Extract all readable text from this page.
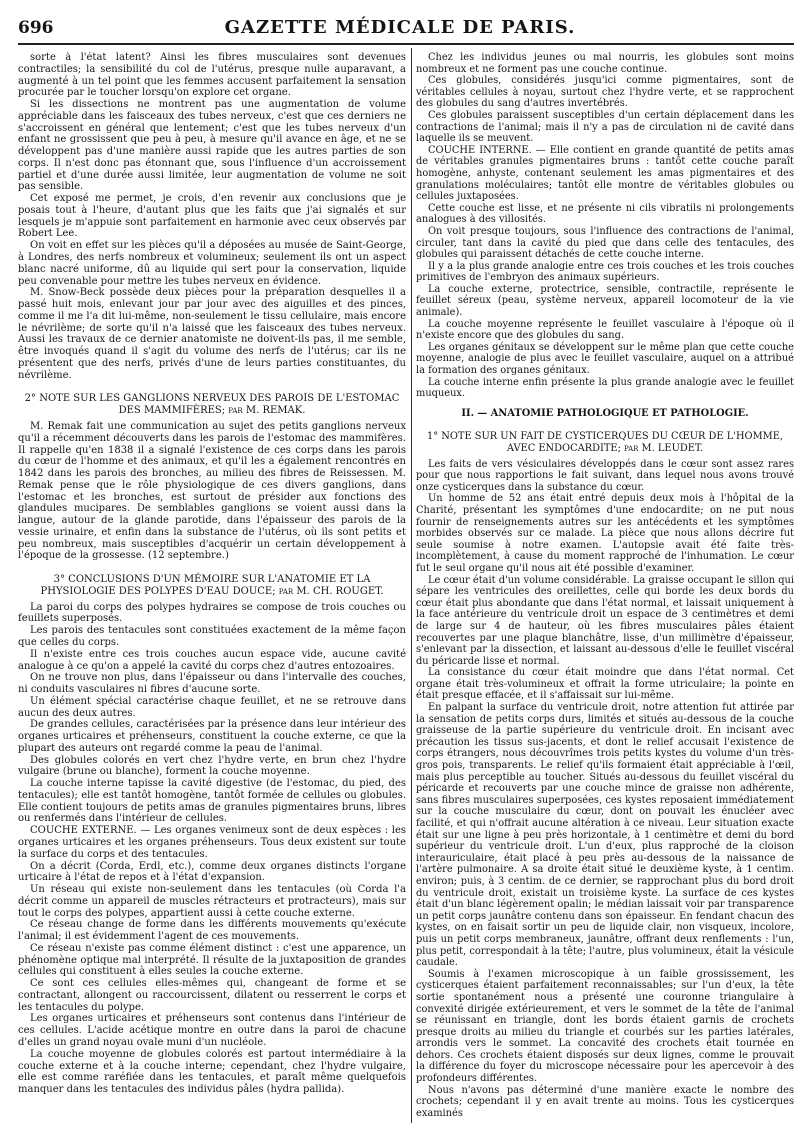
696	GAZETTE MÉDICALE DE PARIS.

sorte à l'état latent? Ainsi les fibres musculaires sont devenues contractiles; la sensibilité du col de l'utérus, presque nulle auparavant, a augmenté à un tel point que les femmes accusent parfaitement la sensation procurée par le toucher lorsqu'on explore cet organe.

Si les dissections ne montrent pas une augmentation de volume appréciable dans les faisceaux des tubes nerveux, c'est que ces derniers ne s'accroissent en général que lentement; c'est que les tubes nerveux d'un enfant ne grossissent que peu à peu, à mesure qu'il avance en âge, et ne se développent pas d'une manière aussi rapide que les autres parties de son corps. Il n'est donc pas étonnant que, sous l'influence d'un accroissement partiel et d'une durée aussi limitée, leur augmentation de volume ne soit pas sensible.

Cet exposé me permet, je crois, d'en revenir aux conclusions que je posais tout à l'heure, d'autant plus que les faits que j'ai signalés et sur lesquels je m'appuie sont parfaitement en harmonie avec ceux observés par Robert Lee.

On voit en effet sur les pièces qu'il a déposées au musée de Saint-George, à Londres, des nerfs nombreux et volumineux; seulement ils ont un aspect blanc nacré uniforme, dû au liquide qui sert pour la conservation, liquide peu convenable pour mettre les tubes nerveux en évidence.

M. Snow-Beck possède deux pièces pour la préparation desquelles il a passé huit mois, enlevant jour par jour avec des aiguilles et des pinces, comme il me l'a dit lui-même, non-seulement le tissu cellulaire, mais encore le névrilème; de sorte qu'il n'a laissé que les faisceaux des tubes nerveux. Aussi les travaux de ce dernier anatomiste ne doivent-ils pas, il me semble, être invoqués quand il s'agit du volume des nerfs de l'utérus; car ils ne présentent que des nerfs, privés d'une de leurs parties constituantes, du névrilème.

2° NOTE SUR LES GANGLIONS NERVEUX DES PAROIS DE L'ESTOMAC DES MAMMIFÈRES; par M. REMAK.

M. Remak fait une communication au sujet des petits ganglions nerveux qu'il a récemment découverts dans les parois de l'estomac des mammifères. Il rappelle qu'en 1838 il a signalé l'existence de ces corps dans les parois du cœur de l'homme et des animaux, et qu'il les a également rencontrés en 1842 dans les parois des bronches, au milieu des fibres de Reissessen. M. Remak pense que le rôle physiologique de ces divers ganglions, dans l'estomac et les bronches, est surtout de présider aux fonctions des glandules mucipares. De semblables ganglions se voient aussi dans la langue, autour de la glande parotide, dans l'épaisseur des parois de la vessie urinaire, et enfin dans la substance de l'utérus, où ils sont petits et peu nombreux, mais susceptibles d'acquérir un certain développement à l'époque de la grossesse. (12 septembre.)

3° CONCLUSIONS D'UN MÉMOIRE SUR L'ANATOMIE ET LA PHYSIOLOGIE DES POLYPES D'EAU DOUCE; par M. CH. ROUGET.

La paroi du corps des polypes hydraires se compose de trois couches ou feuillets superposés.

Les parois des tentacules sont constituées exactement de la même façon que celles du corps.

Il n'existe entre ces trois couches aucun espace vide, aucune cavité analogue à ce qu'on a appelé la cavité du corps chez d'autres entozoaires.

On ne trouve non plus, dans l'épaisseur ou dans l'intervalle des couches, ni conduits vasculaires ni fibres d'aucune sorte.

Un élément spécial caractérise chaque feuillet, et ne se retrouve dans aucun des deux autres.

De grandes cellules, caractérisées par la présence dans leur intérieur des organes urticaires et préhenseurs, constituent la couche externe, ce que la plupart des auteurs ont regardé comme la peau de l'animal.

Des globules colorés en vert chez l'hydre verte, en brun chez l'hydre vulgaire (brune ou blanche), forment la couche moyenne.

La couche interne tapisse la cavité digestive (de l'estomac, du pied, des tentacules); elle est tantôt homogène, tantôt formée de cellules ou globules. Elle contient toujours de petits amas de granules pigmentaires bruns, libres ou renfermés dans l'intérieur de cellules.

COUCHE EXTERNE. — Les organes venimeux sont de deux espèces : les organes urticaires et les organes préhenseurs. Tous deux existent sur toute la surface du corps et des tentacules.

On a décrit (Corda, Erdl, etc.), comme deux organes distincts l'organe urticaire à l'état de repos et à l'état d'expansion.

Un réseau qui existe non-seulement dans les tentacules (où Corda l'a décrit comme un appareil de muscles rétracteurs et protracteurs), mais sur tout le corps des polypes, appartient aussi à cette couche externe.

Ce réseau change de forme dans les différents mouvements qu'exécute l'animal; il est évidemment l'agent de ces mouvements.

Ce réseau n'existe pas comme élément distinct : c'est une apparence, un phénomène optique mal interprété. Il résulte de la juxtaposition de grandes cellules qui constituent à elles seules la couche externe.

Ce sont ces cellules elles-mêmes qui, changeant de forme et se contractant, allongent ou raccourcissent, dilatent ou resserrent le corps et les tentacules du polype.

Les organes urticaires et préhenseurs sont contenus dans l'intérieur de ces cellules. L'acide acétique montre en outre dans la paroi de chacune d'elles un grand noyau ovale muni d'un nucléole.

La couche moyenne de globules colorés est partout intermédiaire à la couche externe et à la couche interne; cependant, chez l'hydre vulgaire, elle est comme raréfiée dans les tentacules, et paraît même quelquefois manquer dans les tentacules des individus pâles (hydra pallida).

Chez les individus jeunes ou mal nourris, les globules sont moins nombreux et ne forment pas une couche continue.

Ces globules, considérés jusqu'ici comme pigmentaires, sont de véritables cellules à noyau, surtout chez l'hydre verte, et se rapprochent des globules du sang d'autres invertébrés.

Ces globules paraissent susceptibles d'un certain déplacement dans les contractions de l'animal; mais il n'y a pas de circulation ni de cavité dans laquelle ils se meuvent.

COUCHE INTERNE. — Elle contient en grande quantité de petits amas de véritables granules pigmentaires bruns : tantôt cette couche paraît homogène, anhyste, contenant seulement les amas pigmentaires et des granulations moléculaires; tantôt elle montre de véritables globules ou cellules juxtaposées.

Cette couche est lisse, et ne présente ni cils vibratils ni prolongements analogues à des villosités.

On voit presque toujours, sous l'influence des contractions de l'animal, circuler, tant dans la cavité du pied que dans celle des tentacules, des globules qui paraissent détachés de cette couche interne.

Il y a la plus grande analogie entre ces trois couches et les trois couches primitives de l'embryon des animaux supérieurs.

La couche externe, protectrice, sensible, contractile, représente le feuillet séreux (peau, système nerveux, appareil locomoteur de la vie animale).

La couche moyenne représente le feuillet vasculaire à l'époque où il n'existe encore que des globules du sang.

Les organes génitaux se développent sur le même plan que cette couche moyenne, analogie de plus avec le feuillet vasculaire, auquel on a attribué la formation des organes génitaux.

La couche interne enfin présente la plus grande analogie avec le feuillet muqueux.

II. — ANATOMIE PATHOLOGIQUE ET PATHOLOGIE.

1° NOTE SUR UN FAIT DE CYSTICERQUES DU CŒUR DE L'HOMME, AVEC ENDOCARDITE; par M. LEUDET.

Les faits de vers vésiculaires développés dans le cœur sont assez rares pour que nous rapportions le fait suivant, dans lequel nous avons trouvé onze cysticerques dans la substance du cœur.

Un homme de 52 ans était entré depuis deux mois à l'hôpital de la Charité, présentant les symptômes d'une endocardite; on ne put nous fournir de renseignements autres sur les antécédents et les symptômes morbides observés sur ce malade. La pièce que nous allons décrire fut seule soumise à notre examen. L'autopsie avait été faite très-incomplètement, à cause du moment rapproché de l'inhumation. Le cœur fut le seul organe qu'il nous ait été possible d'examiner.

Le cœur était d'un volume considérable. La graisse occupant le sillon qui sépare les ventricules des oreillettes, celle qui borde les deux bords du cœur était plus abondante que dans l'état normal, et laissait uniquement à la face antérieure du ventricule droit un espace de 3 centimètres et demi de large sur 4 de hauteur, où les fibres musculaires pâles étaient recouvertes par une plaque blanchâtre, lisse, d'un millimètre d'épaisseur, s'enlevant par la dissection, et laissant au-dessous d'elle le feuillet viscéral du péricarde lisse et normal.

La consistance du cœur était moindre que dans l'état normal. Cet organe était très-volumineux et offrait la forme utriculaire; la pointe en était presque effacée, et il s'affaissait sur lui-même.

En palpant la surface du ventricule droit, notre attention fut attirée par la sensation de petits corps durs, limités et situés au-dessous de la couche graisseuse de la partie supérieure du ventricule droit. En incisant avec précaution les tissus sus-jacents, et dont le relief accusait l'existence de corps étrangers, nous découvrîmes trois petits kystes du volume d'un très-gros pois, transparents. Le relief qu'ils formaient était appréciable à l'œil, mais plus perceptible au toucher. Situés au-dessous du feuillet viscéral du péricarde et recouverts par une couche mince de graisse non adhérente, sans fibres musculaires superposées, ces kystes reposaient immédiatement sur la couche musculaire du cœur, dont on pouvait les énucléer avec facilité, et qui n'offrait aucune altération à ce niveau. Leur situation exacte était sur une ligne à peu près horizontale, à 1 centimètre et demi du bord supérieur du ventricule droit. L'un d'eux, plus rapproché de la cloison interauriculaire, était placé à peu près au-dessous de la naissance de l'artère pulmonaire. A sa droite était situé le deuxième kyste, à 1 centim. environ; puis, à 3 centim. de ce dernier, se rapprochant plus du bord droit du ventricule droit, existait un troisième kyste. La surface de ces kystes était d'un blanc légèrement opalin; le médian laissait voir par transparence un petit corps jaunâtre contenu dans son épaisseur. En fendant chacun des kystes, on en faisait sortir un peu de liquide clair, non visqueux, incolore, puis un petit corps membraneux, jaunâtre, offrant deux renflements : l'un, plus petit, correspondait à la tête; l'autre, plus volumineux, était la vésicule caudale.

Soumis à l'examen microscopique à un faible grossissement, les cysticerques étaient parfaitement reconnaissables; sur l'un d'eux, la tête sortie spontanément nous a présenté une couronne triangulaire à convexité dirigée extérieurement, et vers le sommet de la tête de l'animal se réunissant en triangle, dont les bords étaient garnis de crochets presque droits au milieu du triangle et courbés sur les parties latérales, arrondis vers le sommet. La concavité des crochets était tournée en dehors. Ces crochets étaient disposés sur deux lignes, comme le prouvait la différence du foyer du microscope nécessaire pour les apercevoir à des profondeurs différentes.

Nous n'avons pas déterminé d'une manière exacte le nombre des crochets; cependant il y en avait trente au moins. Tous les cysticerques examinés
